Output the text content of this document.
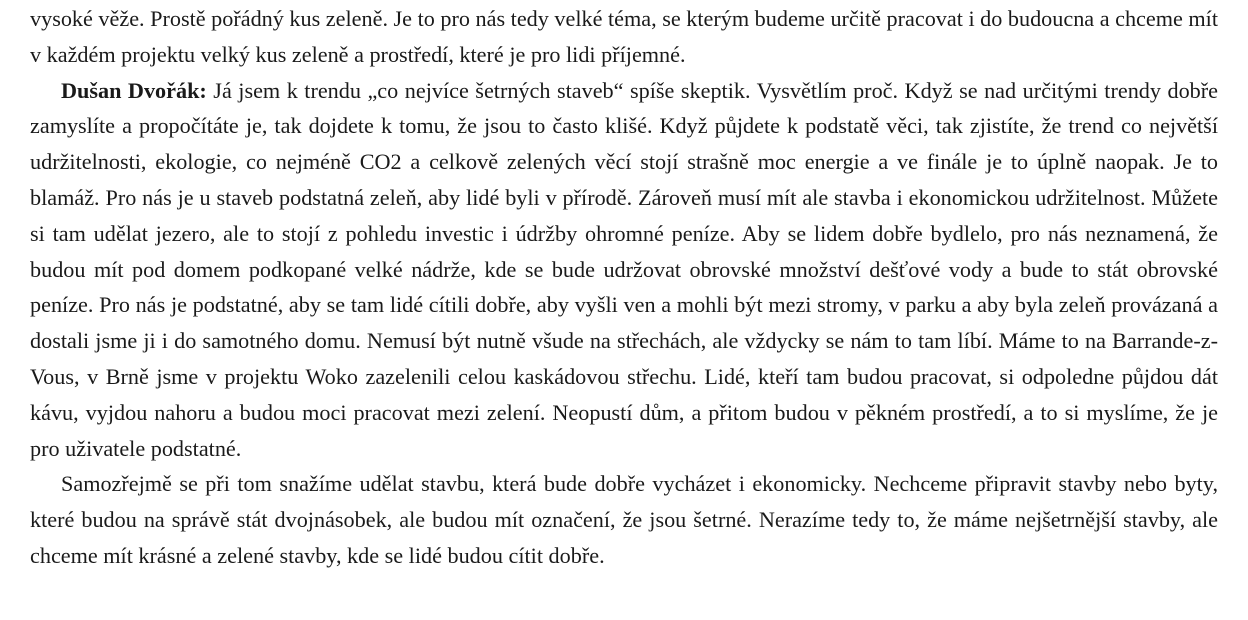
vysoké věže. Prostě pořádný kus zeleně. Je to pro nás tedy velké téma, se kterým budeme určitě pracovat i do budoucna a chceme mít v každém projektu velký kus zeleně a prostředí, které je pro lidi příjemné.

Dušan Dvořák: Já jsem k trendu „co nejvíce šetrných staveb“ spíše skeptik. Vysvětlím proč. Když se nad určitými trendy dobře zamyslíte a propočítáte je, tak dojdete k tomu, že jsou to často klišé. Když půjdete k podstatě věci, tak zjistíte, že trend co největší udržitelnosti, ekologie, co nejméně CO2 a celkově zelených věcí stojí strašně moc energie a ve finále je to úplně naopak. Je to blamáž. Pro nás je u staveb podstatná zeleň, aby lidé byli v přírodě. Zároveň musí mít ale stavba i ekonomickou udržitelnost. Můžete si tam udělat jezero, ale to stojí z pohledu investic i údržby ohromné peníze. Aby se lidem dobře bydlelo, pro nás neznamená, že budou mít pod domem podkopané velké nádrže, kde se bude udržovat obrovské množství dešťové vody a bude to stát obrovské peníze. Pro nás je podstatné, aby se tam lidé cítili dobře, aby vyšli ven a mohli být mezi stromy, v parku a aby byla zeleň provázaná a dostali jsme ji i do samotného domu. Nemusí být nutně všude na střechách, ale vždycky se nám to tam líbí. Máme to na Barrande-z-Vous, v Brně jsme v projektu Woko zazelenili celou kaskádovou střechu. Lidé, kteří tam budou pracovat, si odpoledne půjdou dát kávu, vyjdou nahoru a budou moci pracovat mezi zelení. Neopustí dům, a přitom budou v pěkném prostředí, a to si myslíme, že je pro uživatele podstatné.

Samozřejmě se při tom snažíme udělat stavbu, která bude dobře vycházet i ekonomicky. Nechceme připravit stavby nebo byty, které budou na správě stát dvojnásobek, ale budou mít označení, že jsou šetrné. Nerazíme tedy to, že máme nejšetrnější stavby, ale chceme mít krásné a zelené stavby, kde se lidé budou cítit dobře.
